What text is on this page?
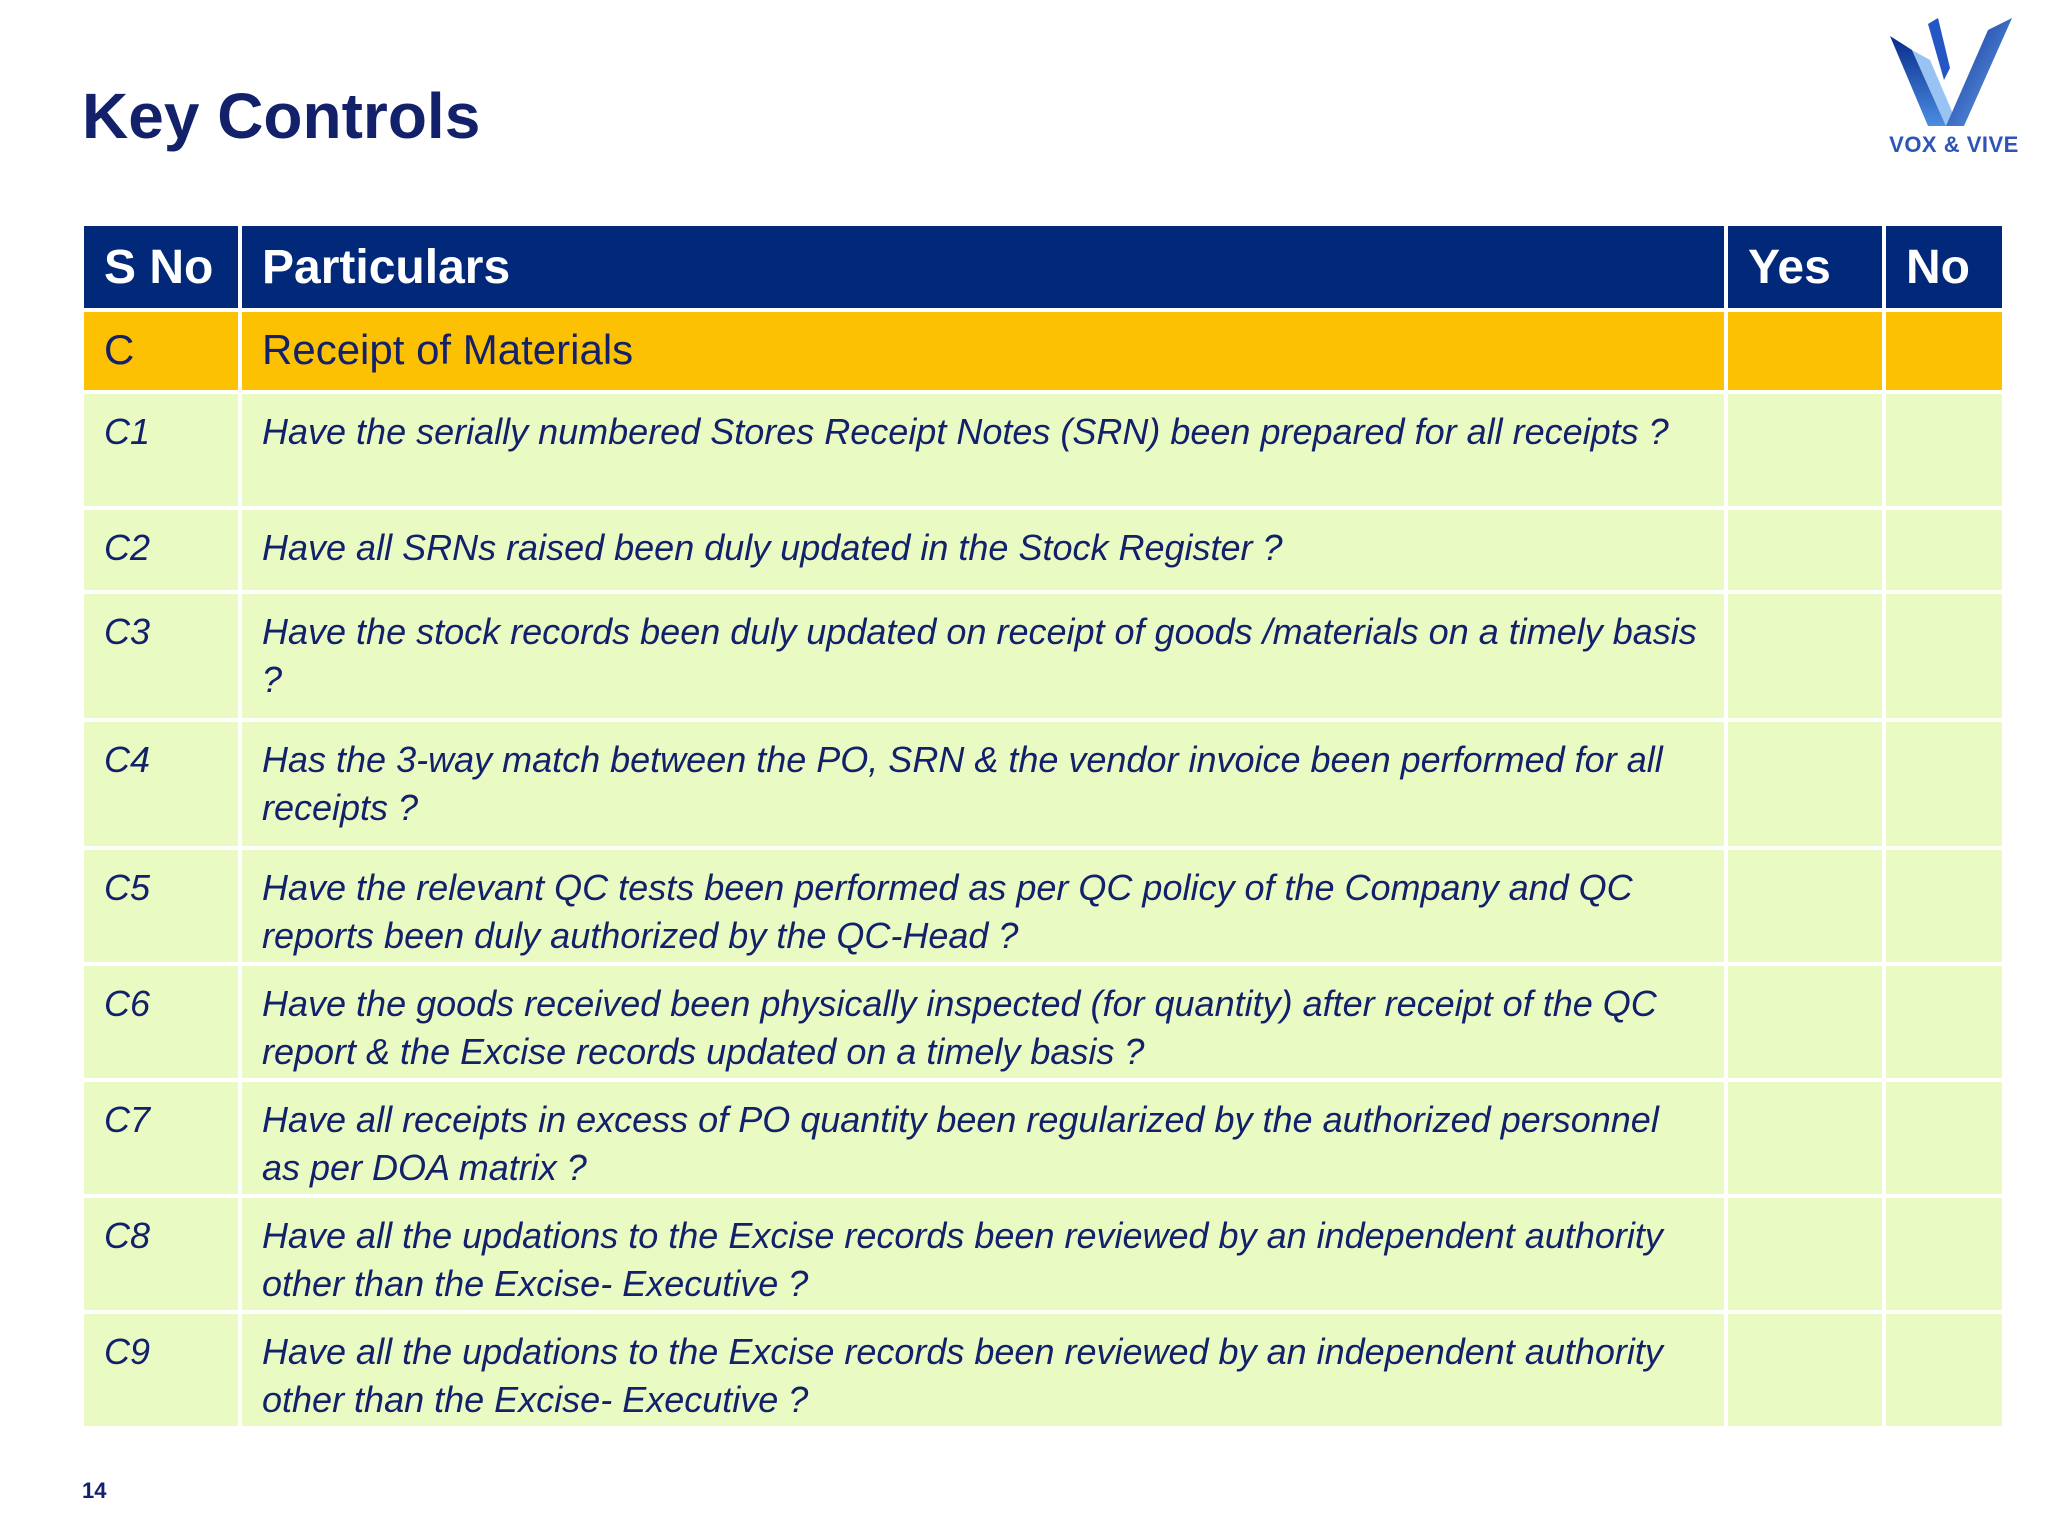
Key Controls	VOX & VIVE
S No	Particulars	Yes	No
C	Receipt of Materials		
C1	Have the serially numbered Stores Receipt Notes (SRN) been prepared for all receipts ?		
C2	Have all SRNs raised been duly updated in the Stock Register ?		
C3	Have the stock records been duly updated on receipt of goods /materials on a timely basis ?		
C4	Has the 3-way match between the PO, SRN & the vendor invoice been performed for all receipts ?		
C5	Have the relevant QC tests been performed as per QC policy of the Company and QC reports been duly authorized by the QC-Head ?		
C6	Have the goods received been physically inspected (for quantity) after receipt of the QC report & the Excise records updated on a timely basis ?		
C7	Have all receipts in excess of PO quantity been regularized by the authorized personnel as per DOA matrix ?		
C8	Have all the updations to the Excise records been reviewed by an independent authority other than the Excise- Executive ?		
C9	Have all the updations to the Excise records been reviewed by an independent authority other than the Excise- Executive ?		
14
